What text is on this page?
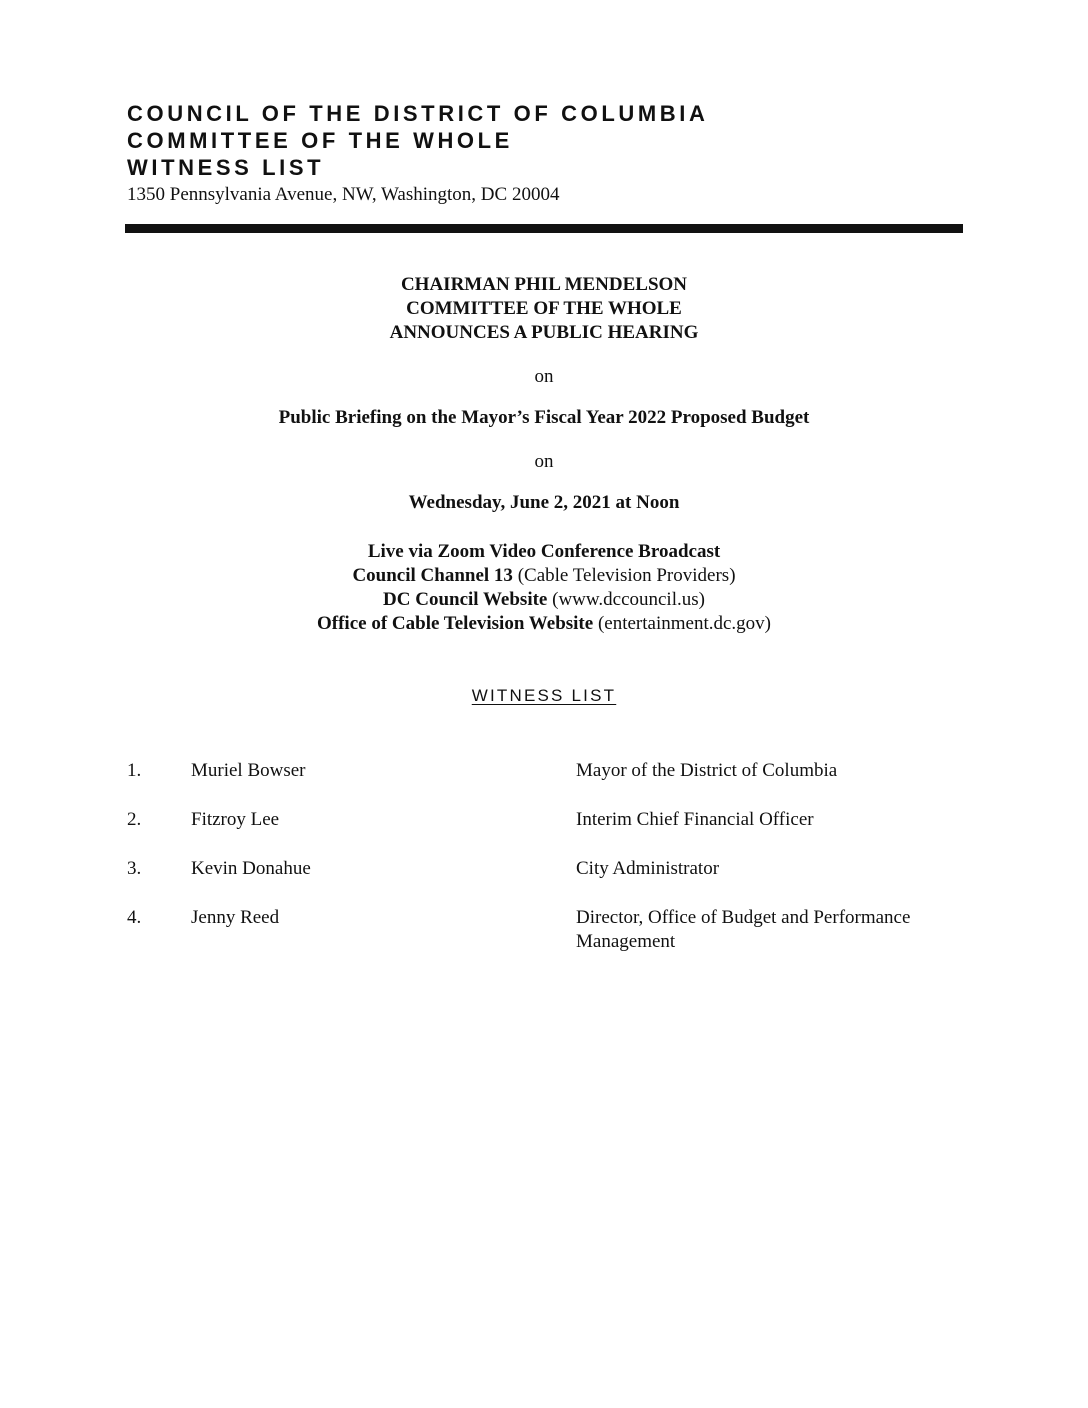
COUNCIL OF THE DISTRICT OF COLUMBIA
COMMITTEE OF THE WHOLE
WITNESS LIST
1350 Pennsylvania Avenue, NW, Washington, DC 20004
CHAIRMAN PHIL MENDELSON
COMMITTEE OF THE WHOLE
ANNOUNCES A PUBLIC HEARING
on
Public Briefing on the Mayor’s Fiscal Year 2022 Proposed Budget
on
Wednesday, June 2, 2021 at Noon
Live via Zoom Video Conference Broadcast
Council Channel 13 (Cable Television Providers)
DC Council Website (www.dccouncil.us)
Office of Cable Television Website (entertainment.dc.gov)
WITNESS LIST
1.	Muriel Bowser	Mayor of the District of Columbia
2.	Fitzroy Lee	Interim Chief Financial Officer
3.	Kevin Donahue	City Administrator
4.	Jenny Reed	Director, Office of Budget and Performance Management
